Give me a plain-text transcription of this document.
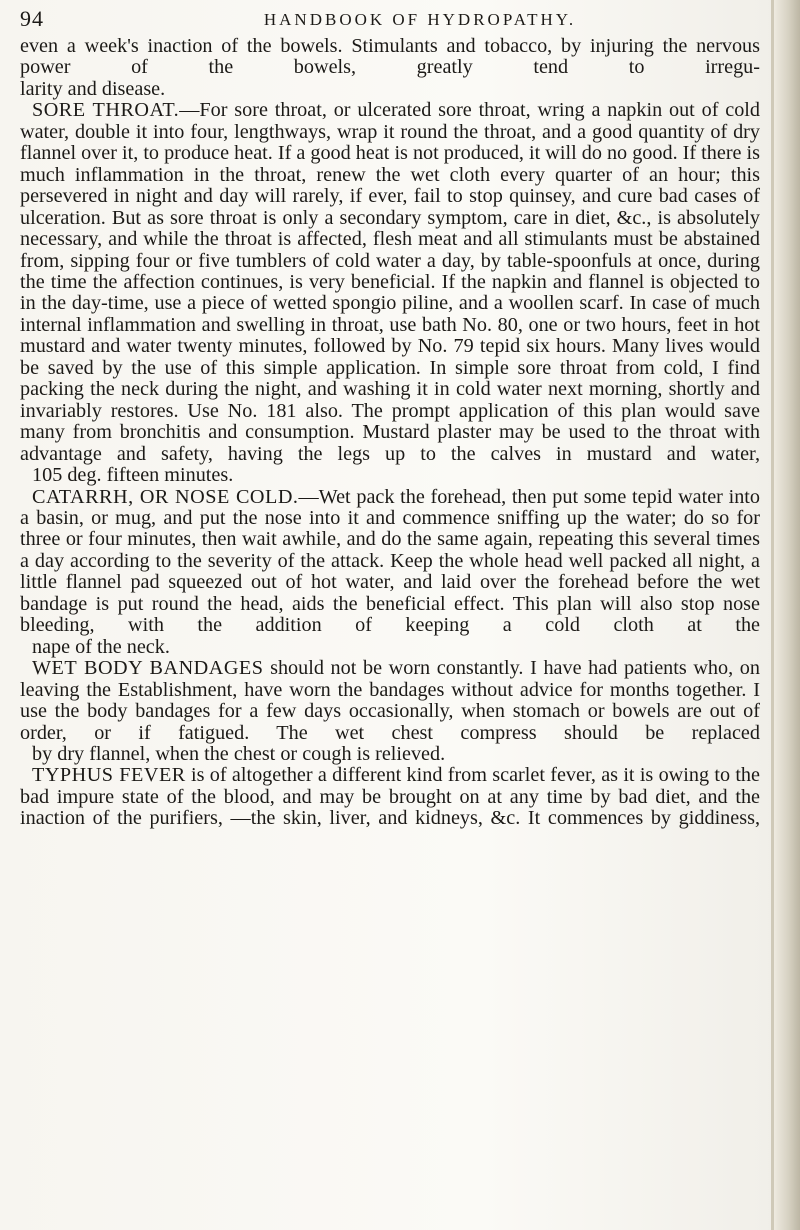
94	HANDBOOK OF HYDROPATHY.

even a week's inaction of the bowels. Stimulants and tobacco, by injuring the nervous power of the bowels, greatly tend to irregu-
larity and disease.

SORE THROAT.—For sore throat, or ulcerated sore throat, wring a napkin out of cold water, double it into four, lengthways, wrap it round the throat, and a good quantity of dry flannel over it, to produce heat. If a good heat is not produced, it will do no good. If there is much inflammation in the throat, renew the wet cloth every quarter of an hour; this persevered in night and day will rarely, if ever, fail to stop quinsey, and cure bad cases of ulceration. But as sore throat is only a secondary symptom, care in diet, &c., is absolutely necessary, and while the throat is affected, flesh meat and all stimulants must be abstained from, sipping four or five tumblers of cold water a day, by table-spoonfuls at once, during the time the affection continues, is very beneficial. If the napkin and flannel is objected to in the day-time, use a piece of wetted spongio piline, and a woollen scarf. In case of much internal inflammation and swelling in throat, use bath No. 80, one or two hours, feet in hot mustard and water twenty minutes, followed by No. 79 tepid six hours. Many lives would be saved by the use of this simple application. In simple sore throat from cold, I find packing the neck during the night, and washing it in cold water next morning, shortly and invariably restores. Use No. 181 also. The prompt application of this plan would save many from bronchitis and consumption. Mustard plaster may be used to the throat with advantage and safety, having the legs up to the calves in mustard and water,
105 deg. fifteen minutes.

CATARRH, OR NOSE COLD.—Wet pack the forehead, then put some tepid water into a basin, or mug, and put the nose into it and commence sniffing up the water; do so for three or four minutes, then wait awhile, and do the same again, repeating this several times a day according to the severity of the attack. Keep the whole head well packed all night, a little flannel pad squeezed out of hot water, and laid over the forehead before the wet bandage is put round the head, aids the beneficial effect. This plan will also stop nose bleeding, with the addition of keeping a cold cloth at the
nape of the neck.

WET BODY BANDAGES should not be worn constantly. I have had patients who, on leaving the Establishment, have worn the bandages without advice for months together. I use the body bandages for a few days occasionally, when stomach or bowels are out of order, or if fatigued. The wet chest compress should be replaced
by dry flannel, when the chest or cough is relieved.

TYPHUS FEVER is of altogether a different kind from scarlet fever, as it is owing to the bad impure state of the blood, and may be brought on at any time by bad diet, and the inaction of the purifiers, —the skin, liver, and kidneys, &c. It commences by giddiness,
